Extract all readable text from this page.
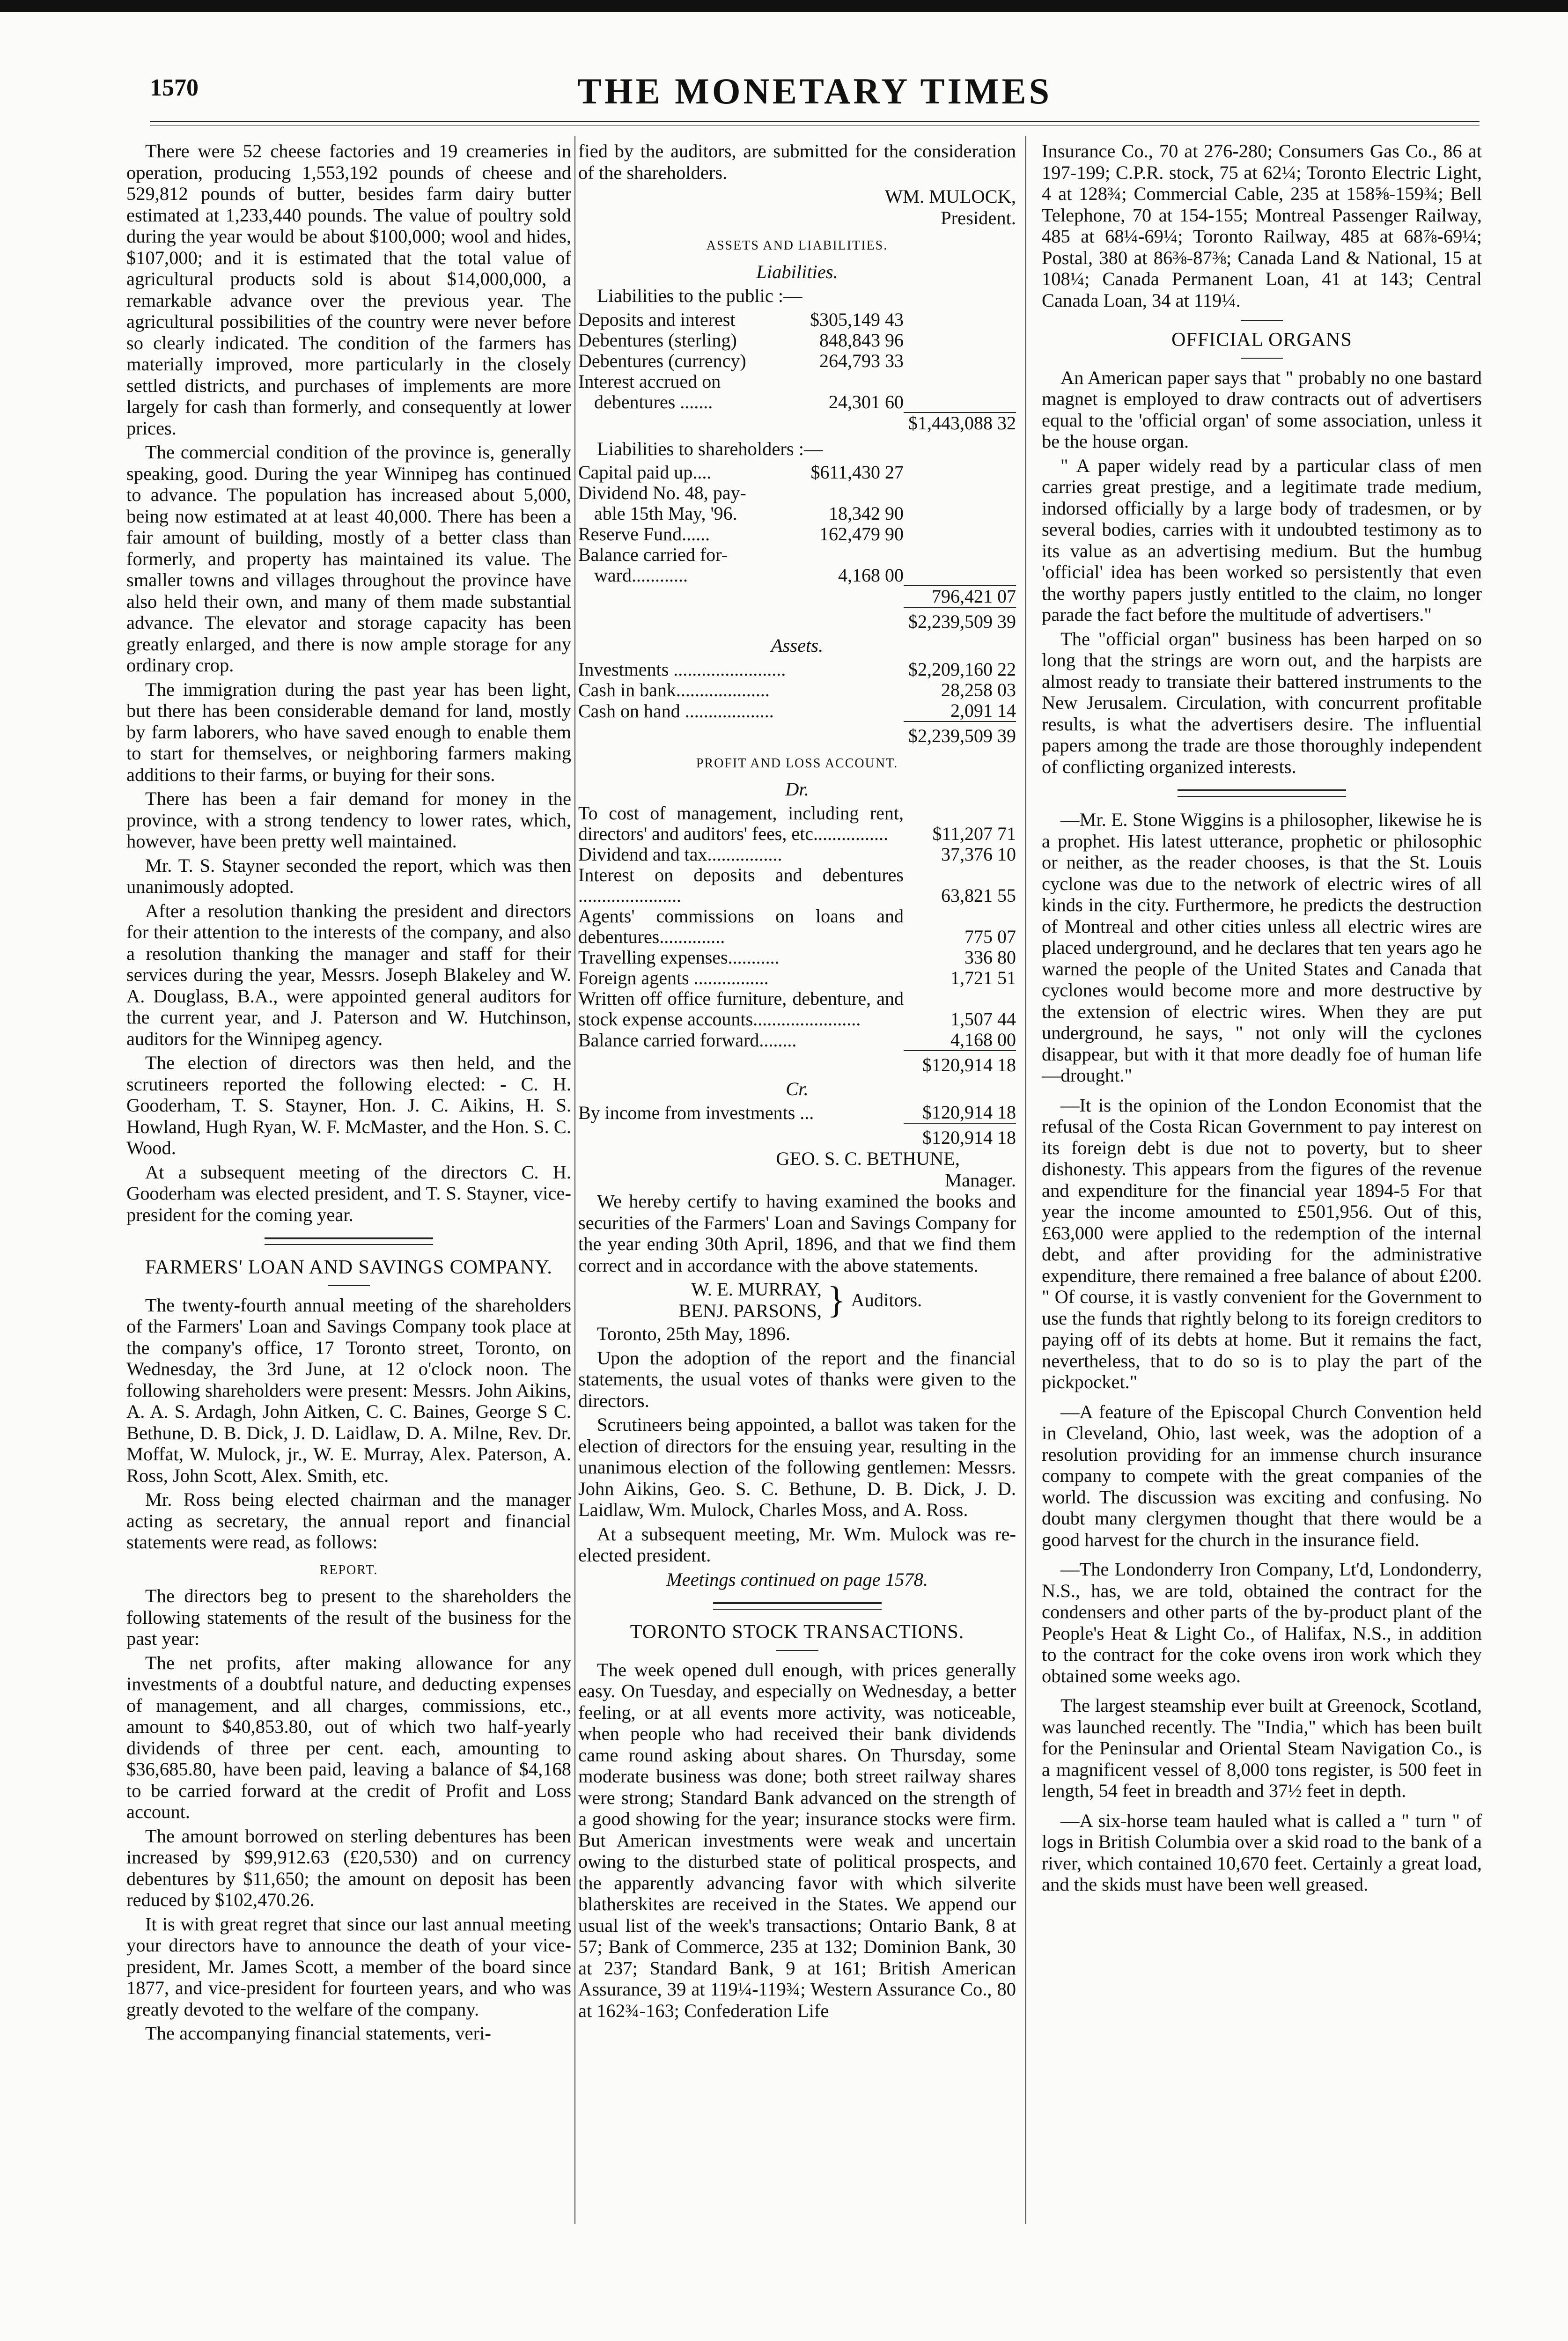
1570	THE MONETARY TIMES

There were 52 cheese factories and 19 creameries in operation, producing 1,553,192 pounds of cheese and 529,812 pounds of butter, besides farm dairy butter estimated at 1,233,440 pounds. The value of poultry sold during the year would be about $100,000; wool and hides, $107,000; and it is estimated that the total value of agricultural products sold is about $14,000,000, a remarkable advance over the previous year. The agricultural possibilities of the country were never before so clearly indicated. The condition of the farmers has materially improved, more particularly in the closely settled districts, and purchases of implements are more largely for cash than formerly, and consequently at lower prices.

The commercial condition of the province is, generally speaking, good. During the year Winnipeg has continued to advance. The population has increased about 5,000, being now estimated at at least 40,000. There has been a fair amount of building, mostly of a better class than formerly, and property has maintained its value. The smaller towns and villages throughout the province have also held their own, and many of them made substantial advance. The elevator and storage capacity has been greatly enlarged, and there is now ample storage for any ordinary crop.

The immigration during the past year has been light, but there has been considerable demand for land, mostly by farm laborers, who have saved enough to enable them to start for themselves, or neighboring farmers making additions to their farms, or buying for their sons.

There has been a fair demand for money in the province, with a strong tendency to lower rates, which, however, have been pretty well maintained.

Mr. T. S. Stayner seconded the report, which was then unanimously adopted.

After a resolution thanking the president and directors for their attention to the interests of the company, and also a resolution thanking the manager and staff for their services during the year, Messrs. Joseph Blakeley and W. A. Douglass, B.A., were appointed general auditors for the current year, and J. Paterson and W. Hutchinson, auditors for the Winnipeg agency.

The election of directors was then held, and the scrutineers reported the following elected: - C. H. Gooderham, T. S. Stayner, Hon. J. C. Aikins, H. S. Howland, Hugh Ryan, W. F. McMaster, and the Hon. S. C. Wood.

At a subsequent meeting of the directors C. H. Gooderham was elected president, and T. S. Stayner, vice-president for the coming year.

FARMERS' LOAN AND SAVINGS COMPANY.

The twenty-fourth annual meeting of the shareholders of the Farmers' Loan and Savings Company took place at the company's office, 17 Toronto street, Toronto, on Wednesday, the 3rd June, at 12 o'clock noon. The following shareholders were present: Messrs. John Aikins, A. A. S. Ardagh, John Aitken, C. C. Baines, George S C. Bethune, D. B. Dick, J. D. Laidlaw, D. A. Milne, Rev. Dr. Moffat, W. Mulock, jr., W. E. Murray, Alex. Paterson, A. Ross, John Scott, Alex. Smith, etc.

Mr. Ross being elected chairman and the manager acting as secretary, the annual report and financial statements were read, as follows:

REPORT.

The directors beg to present to the shareholders the following statements of the result of the business for the past year:

The net profits, after making allowance for any investments of a doubtful nature, and deducting expenses of management, and all charges, commissions, etc., amount to $40,853.80, out of which two half-yearly dividends of three per cent. each, amounting to $36,685.80, have been paid, leaving a balance of $4,168 to be carried forward at the credit of Profit and Loss account.

The amount borrowed on sterling debentures has been increased by $99,912.63 (£20,530) and on currency debentures by $11,650; the amount on deposit has been reduced by $102,470.26.

It is with great regret that since our last annual meeting your directors have to announce the death of your vice-president, Mr. James Scott, a member of the board since 1877, and vice-president for fourteen years, and who was greatly devoted to the welfare of the company.

The accompanying financial statements, veri-

fied by the auditors, are submitted for the consideration of the shareholders.

WM. MULOCK,

President.

ASSETS AND LIABILITIES.
Liabilities.

Liabilities to the public :—

Deposits and interest	$305,149 43	
Debentures (sterling)	848,843 96	
Debentures (currency)	264,793 33	
Interest accrued on		
debentures .......	24,301 60	
		$1,443,088 32

Liabilities to shareholders :—

Capital paid up....	$611,430 27	
Dividend No. 48, pay-		
able 15th May, '96.	18,342 90	
Reserve Fund......	162,479 90	
Balance carried for-		
ward............	4,168 00	
		796,421 07
		$2,239,509 39
Assets.
Investments ........................	$2,209,160 22
Cash in bank....................	28,258 03
Cash on hand ...................	2,091 14
	$2,239,509 39
PROFIT AND LOSS ACCOUNT.
Dr.
To cost of management, including rent, directors' and auditors' fees, etc................	$11,207 71
Dividend and tax................	37,376 10
Interest on deposits and debentures ......................	63,821 55
Agents' commissions on loans and debentures..............	775 07
Travelling expenses...........	336 80
Foreign agents ................	1,721 51
Written off office furniture, debenture, and stock expense accounts.......................	1,507 44
Balance carried forward........	4,168 00
	$120,914 18
Cr.
By income from investments ...	$120,914 18
	$120,914 18

GEO. S. C. BETHUNE,

Manager.

We hereby certify to having examined the books and securities of the Farmers' Loan and Savings Company for the year ending 30th April, 1896, and that we find them correct and in accordance with the above statements.

W. E. MURRAY,
BENJ. PARSONS, } Auditors.

Toronto, 25th May, 1896.

Upon the adoption of the report and the financial statements, the usual votes of thanks were given to the directors.

Scrutineers being appointed, a ballot was taken for the election of directors for the ensuing year, resulting in the unanimous election of the following gentlemen: Messrs. John Aikins, Geo. S. C. Bethune, D. B. Dick, J. D. Laidlaw, Wm. Mulock, Charles Moss, and A. Ross.

At a subsequent meeting, Mr. Wm. Mulock was re-elected president.

Meetings continued on page 1578.
TORONTO STOCK TRANSACTIONS.

The week opened dull enough, with prices generally easy. On Tuesday, and especially on Wednesday, a better feeling, or at all events more activity, was noticeable, when people who had received their bank dividends came round asking about shares. On Thursday, some moderate business was done; both street railway shares were strong; Standard Bank advanced on the strength of a good showing for the year; insurance stocks were firm. But American investments were weak and uncertain owing to the disturbed state of political prospects, and the apparently advancing favor with which silverite blatherskites are received in the States. We append our usual list of the week's transactions; Ontario Bank, 8 at 57; Bank of Commerce, 235 at 132; Dominion Bank, 30 at 237; Standard Bank, 9 at 161; British American Assurance, 39 at 119¼-119¾; Western Assurance Co., 80 at 162¾-163; Confederation Life

Insurance Co., 70 at 276-280; Consumers Gas Co., 86 at 197-199; C.P.R. stock, 75 at 62¼; Toronto Electric Light, 4 at 128¾; Commercial Cable, 235 at 158⅝-159¾; Bell Telephone, 70 at 154-155; Montreal Passenger Railway, 485 at 68¼-69¼; Toronto Railway, 485 at 68⅞-69¼; Postal, 380 at 86⅜-87⅜; Canada Land & National, 15 at 108¼; Canada Permanent Loan, 41 at 143; Central Canada Loan, 34 at 119¼.

OFFICIAL ORGANS

An American paper says that " probably no one bastard magnet is employed to draw contracts out of advertisers equal to the 'official organ' of some association, unless it be the house organ.

" A paper widely read by a particular class of men carries great prestige, and a legitimate trade medium, indorsed officially by a large body of tradesmen, or by several bodies, carries with it undoubted testimony as to its value as an advertising medium. But the humbug 'official' idea has been worked so persistently that even the worthy papers justly entitled to the claim, no longer parade the fact before the multitude of advertisers."

The "official organ" business has been harped on so long that the strings are worn out, and the harpists are almost ready to transiate their battered instruments to the New Jerusalem. Circulation, with concurrent profitable results, is what the advertisers desire. The influential papers among the trade are those thoroughly independent of conflicting organized interests.

—Mr. E. Stone Wiggins is a philosopher, likewise he is a prophet. His latest utterance, prophetic or philosophic or neither, as the reader chooses, is that the St. Louis cyclone was due to the network of electric wires of all kinds in the city. Furthermore, he predicts the destruction of Montreal and other cities unless all electric wires are placed underground, and he declares that ten years ago he warned the people of the United States and Canada that cyclones would become more and more destructive by the extension of electric wires. When they are put underground, he says, " not only will the cyclones disappear, but with it that more deadly foe of human life—drought."

—It is the opinion of the London Economist that the refusal of the Costa Rican Government to pay interest on its foreign debt is due not to poverty, but to sheer dishonesty. This appears from the figures of the revenue and expenditure for the financial year 1894-5 For that year the income amounted to £501,956. Out of this, £63,000 were applied to the redemption of the internal debt, and after providing for the administrative expenditure, there remained a free balance of about £200. " Of course, it is vastly convenient for the Government to use the funds that rightly belong to its foreign creditors to paying off of its debts at home. But it remains the fact, nevertheless, that to do so is to play the part of the pickpocket."

—A feature of the Episcopal Church Convention held in Cleveland, Ohio, last week, was the adoption of a resolution providing for an immense church insurance company to compete with the great companies of the world. The discussion was exciting and confusing. No doubt many clergymen thought that there would be a good harvest for the church in the insurance field.

—The Londonderry Iron Company, Lt'd, Londonderry, N.S., has, we are told, obtained the contract for the condensers and other parts of the by-product plant of the People's Heat & Light Co., of Halifax, N.S., in addition to the contract for the coke ovens iron work which they obtained some weeks ago.

The largest steamship ever built at Greenock, Scotland, was launched recently. The "India," which has been built for the Peninsular and Oriental Steam Navigation Co., is a magnificent vessel of 8,000 tons register, is 500 feet in length, 54 feet in breadth and 37½ feet in depth.

—A six-horse team hauled what is called a " turn " of logs in British Columbia over a skid road to the bank of a river, which contained 10,670 feet. Certainly a great load, and the skids must have been well greased.
